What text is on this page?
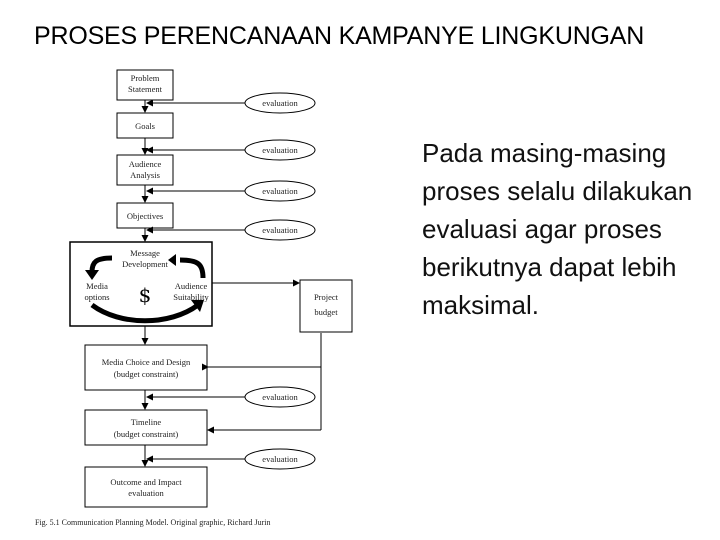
PROSES PERENCANAAN KAMPANYE LINGKUNGAN
Problem
Statement
Goals
Audience
Analysis
Objectives
Message
Development
Media
options
Audience
Suitability
$	Project
budget
Media Choice and Design
(budget constraint)
Timeline
(budget constraint)
Outcome and Impact
evaluation
evaluation
evaluation
evaluation
evaluation
evaluation
evaluation
Fig. 5.1 Communication Planning Model. Original graphic, Richard Jurin
Pada masing-masing proses selalu dilakukan evaluasi agar proses berikutnya dapat lebih maksimal.
